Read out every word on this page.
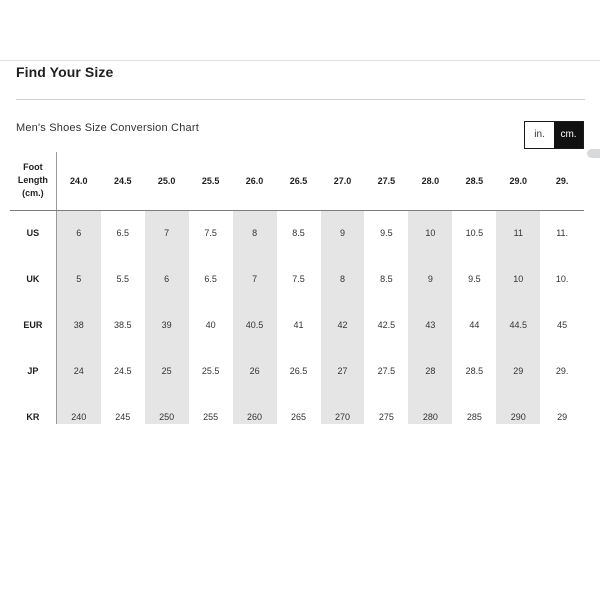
Find Your Size
Men's Shoes Size Conversion Chart
in.	cm.
Foot
Length
(cm.)	24.0	24.5	25.0	25.5	26.0	26.5	27.0	27.5	28.0	28.5	29.0	29.
US	6	6.5	7	7.5	8	8.5	9	9.5	10	10.5	11	11.
UK	5	5.5	6	6.5	7	7.5	8	8.5	9	9.5	10	10.
EUR	38	38.5	39	40	40.5	41	42	42.5	43	44	44.5	45
JP	24	24.5	25	25.5	26	26.5	27	27.5	28	28.5	29	29.
KR	240	245	250	255	260	265	270	275	280	285	290	29
